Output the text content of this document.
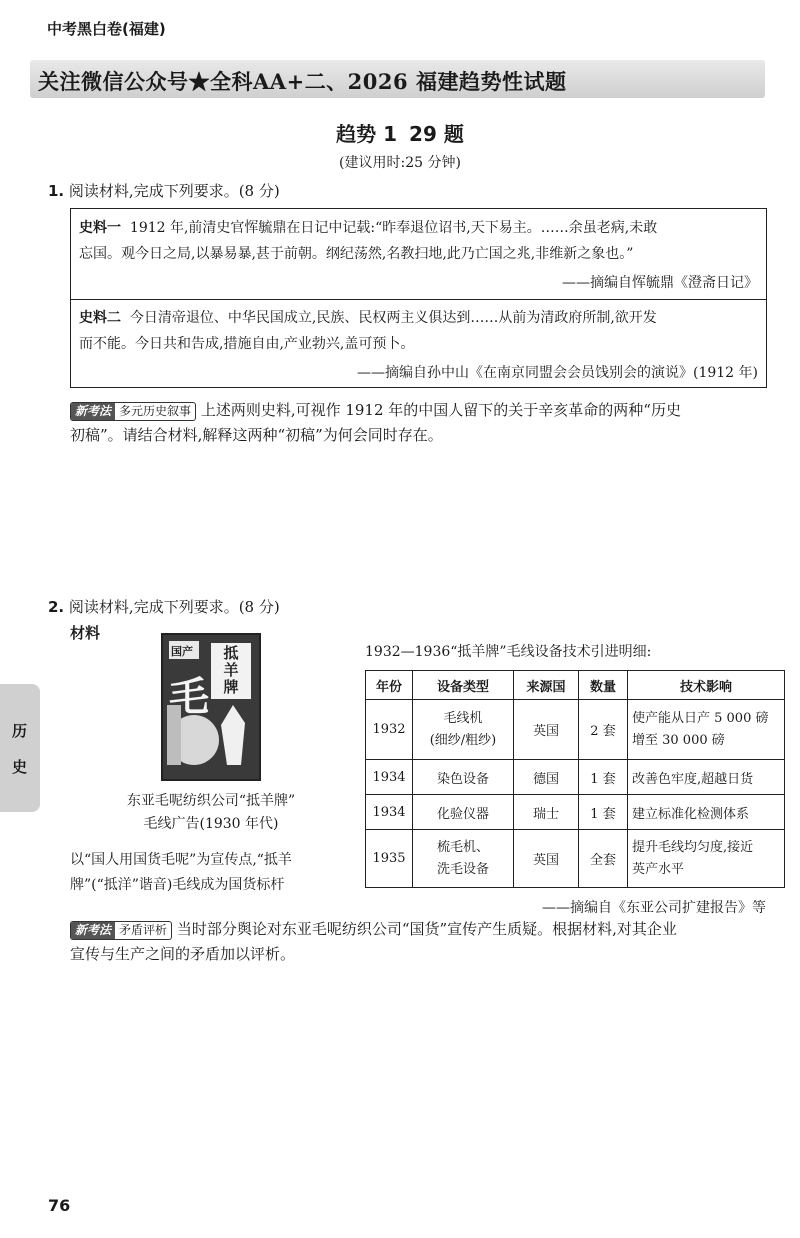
中考黑白卷(福建)
关注微信公众号★全科AA+二、2026 福建趋势性试题
趋势 1 29 题
(建议用时:25 分钟)
1. 阅读材料,完成下列要求。(8 分)
史料一 1912 年,前清史官恽毓鼎在日记中记载:“昨奉退位诏书,天下易主。……余虽老病,未敢
忘国。观今日之局,以暴易暴,甚于前朝。纲纪荡然,名教扫地,此乃亡国之兆,非维新之象也。”
——摘编自恽毓鼎《澄斋日记》
史料二 今日清帝退位、中华民国成立,民族、民权两主义俱达到……从前为清政府所制,欲开发
而不能。今日共和告成,措施自由,产业勃兴,盖可预卜。
——摘编自孙中山《在南京同盟会会员饯别会的演说》(1912 年)
新考法 多元历史叙事 上述两则史料,可视作 1912 年的中国人留下的关于辛亥革命的两种“历史
初稿”。请结合材料,解释这两种“初稿”为何会同时存在。
2. 阅读材料,完成下列要求。(8 分)
材料
国产 抵羊牌
毛
东亚毛呢纺织公司“抵羊牌”
毛线广告(1930 年代)
以“国人用国货毛呢”为宣传点,“抵羊
牌”(“抵洋”谐音)毛线成为国货标杆
1932—1936“抵羊牌”毛线设备技术引进明细:
年份	设备类型	来源国	数量	技术影响
1932	毛线机
(细纱/粗纱)	英国	2 套	使产能从日产 5 000 磅
增至 30 000 磅
1934	染色设备	德国	1 套	改善色牢度,超越日货
1934	化验仪器	瑞士	1 套	建立标准化检测体系
1935	梳毛机、
洗毛设备	英国	全套	提升毛线均匀度,接近
英产水平
——摘编自《东亚公司扩建报告》等
新考法 矛盾评析 当时部分舆论对东亚毛呢纺织公司“国货”宣传产生质疑。根据材料,对其企业
宣传与生产之间的矛盾加以评析。
历
史
76
